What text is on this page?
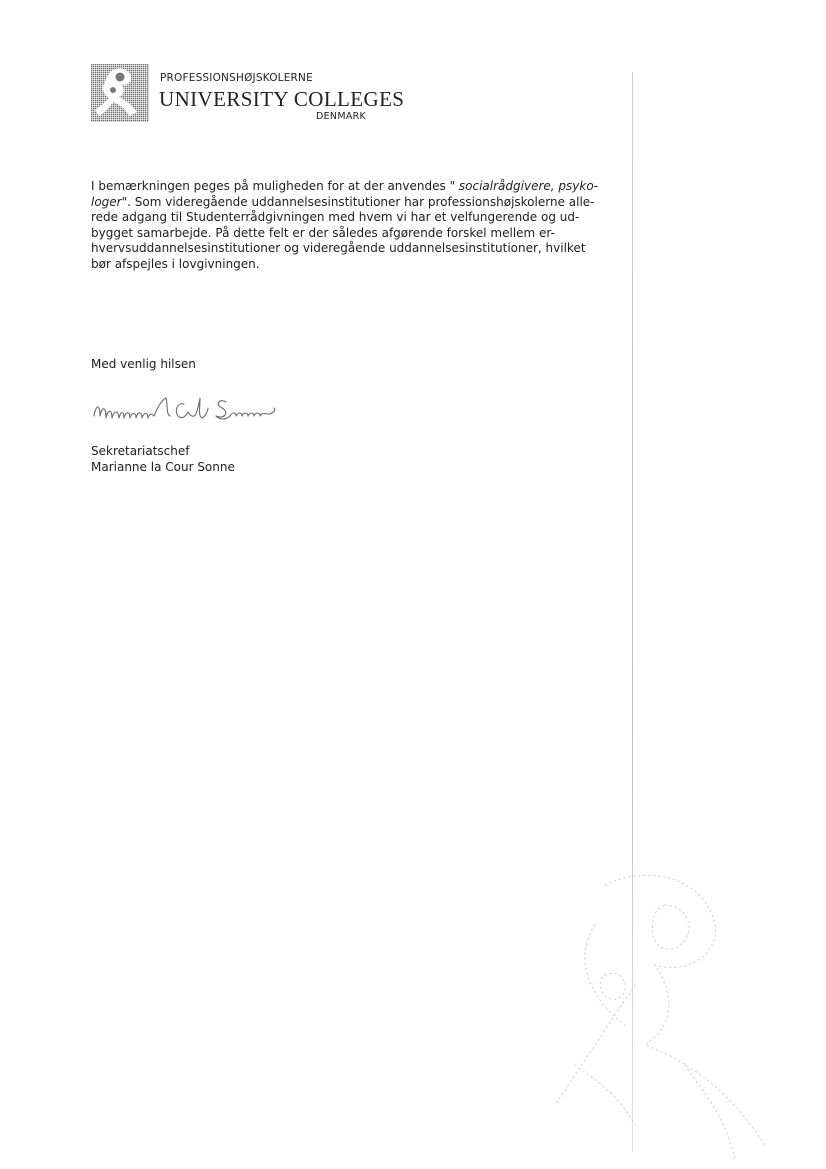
PROFESSIONSHØJSKOLERNE
UNIVERSITY COLLEGES
DENMARK
I bemærkningen peges på muligheden for at der anvendes " socialrådgivere, psyko-
loger". Som videregående uddannelsesinstitutioner har professionshøjskolerne alle-
rede adgang til Studenterrådgivningen med hvem vi har et velfungerende og ud-
bygget samarbejde. På dette felt er der således afgørende forskel mellem er-
hvervsuddannelsesinstitutioner og videregående uddannelsesinstitutioner, hvilket
bør afspejles i lovgivningen.
Med venlig hilsen
Sekretariatschef
Marianne la Cour Sonne
